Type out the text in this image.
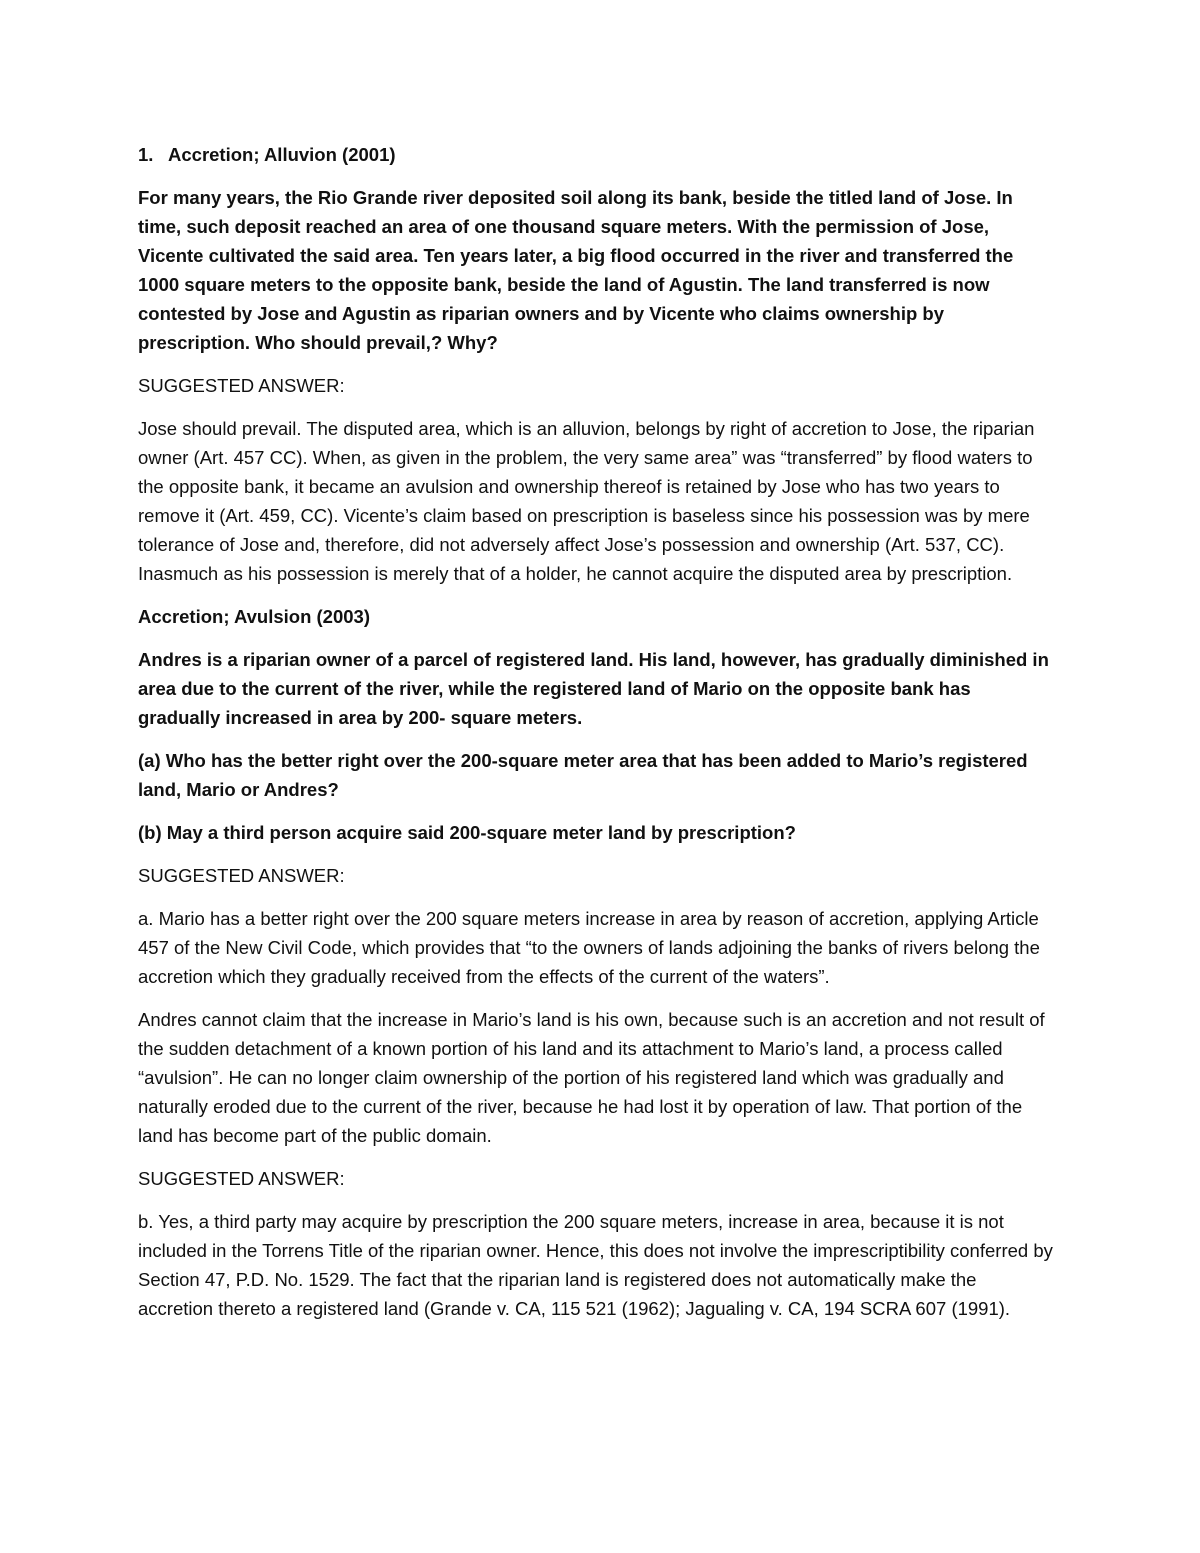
1. Accretion; Alluvion (2001)

For many years, the Rio Grande river deposited soil along its bank, beside the titled land of Jose. In time, such deposit reached an area of one thousand square meters. With the permission of Jose, Vicente cultivated the said area. Ten years later, a big flood occurred in the river and transferred the 1000 square meters to the opposite bank, beside the land of Agustin. The land transferred is now contested by Jose and Agustin as riparian owners and by Vicente who claims ownership by prescription. Who should prevail,? Why?

SUGGESTED ANSWER:

Jose should prevail. The disputed area, which is an alluvion, belongs by right of accretion to Jose, the riparian owner (Art. 457 CC). When, as given in the problem, the very same area” was “transferred” by flood waters to the opposite bank, it became an avulsion and ownership thereof is retained by Jose who has two years to remove it (Art. 459, CC). Vicente’s claim based on prescription is baseless since his possession was by mere tolerance of Jose and, therefore, did not adversely affect Jose’s possession and ownership (Art. 537, CC). Inasmuch as his possession is merely that of a holder, he cannot acquire the disputed area by prescription.

Accretion; Avulsion (2003)

Andres is a riparian owner of a parcel of registered land. His land, however, has gradually diminished in area due to the current of the river, while the registered land of Mario on the opposite bank has gradually increased in area by 200- square meters.

(a) Who has the better right over the 200-square meter area that has been added to Mario’s registered land, Mario or Andres?

(b) May a third person acquire said 200-square meter land by prescription?

SUGGESTED ANSWER:

a. Mario has a better right over the 200 square meters increase in area by reason of accretion, applying Article 457 of the New Civil Code, which provides that “to the owners of lands adjoining the banks of rivers belong the accretion which they gradually received from the effects of the current of the waters”.

Andres cannot claim that the increase in Mario’s land is his own, because such is an accretion and not result of the sudden detachment of a known portion of his land and its attachment to Mario’s land, a process called “avulsion”. He can no longer claim ownership of the portion of his registered land which was gradually and naturally eroded due to the current of the river, because he had lost it by operation of law. That portion of the land has become part of the public domain.

SUGGESTED ANSWER:

b. Yes, a third party may acquire by prescription the 200 square meters, increase in area, because it is not included in the Torrens Title of the riparian owner. Hence, this does not involve the imprescriptibility conferred by Section 47, P.D. No. 1529. The fact that the riparian land is registered does not automatically make the accretion thereto a registered land (Grande v. CA, 115 521 (1962); Jagualing v. CA, 194 SCRA 607 (1991).
